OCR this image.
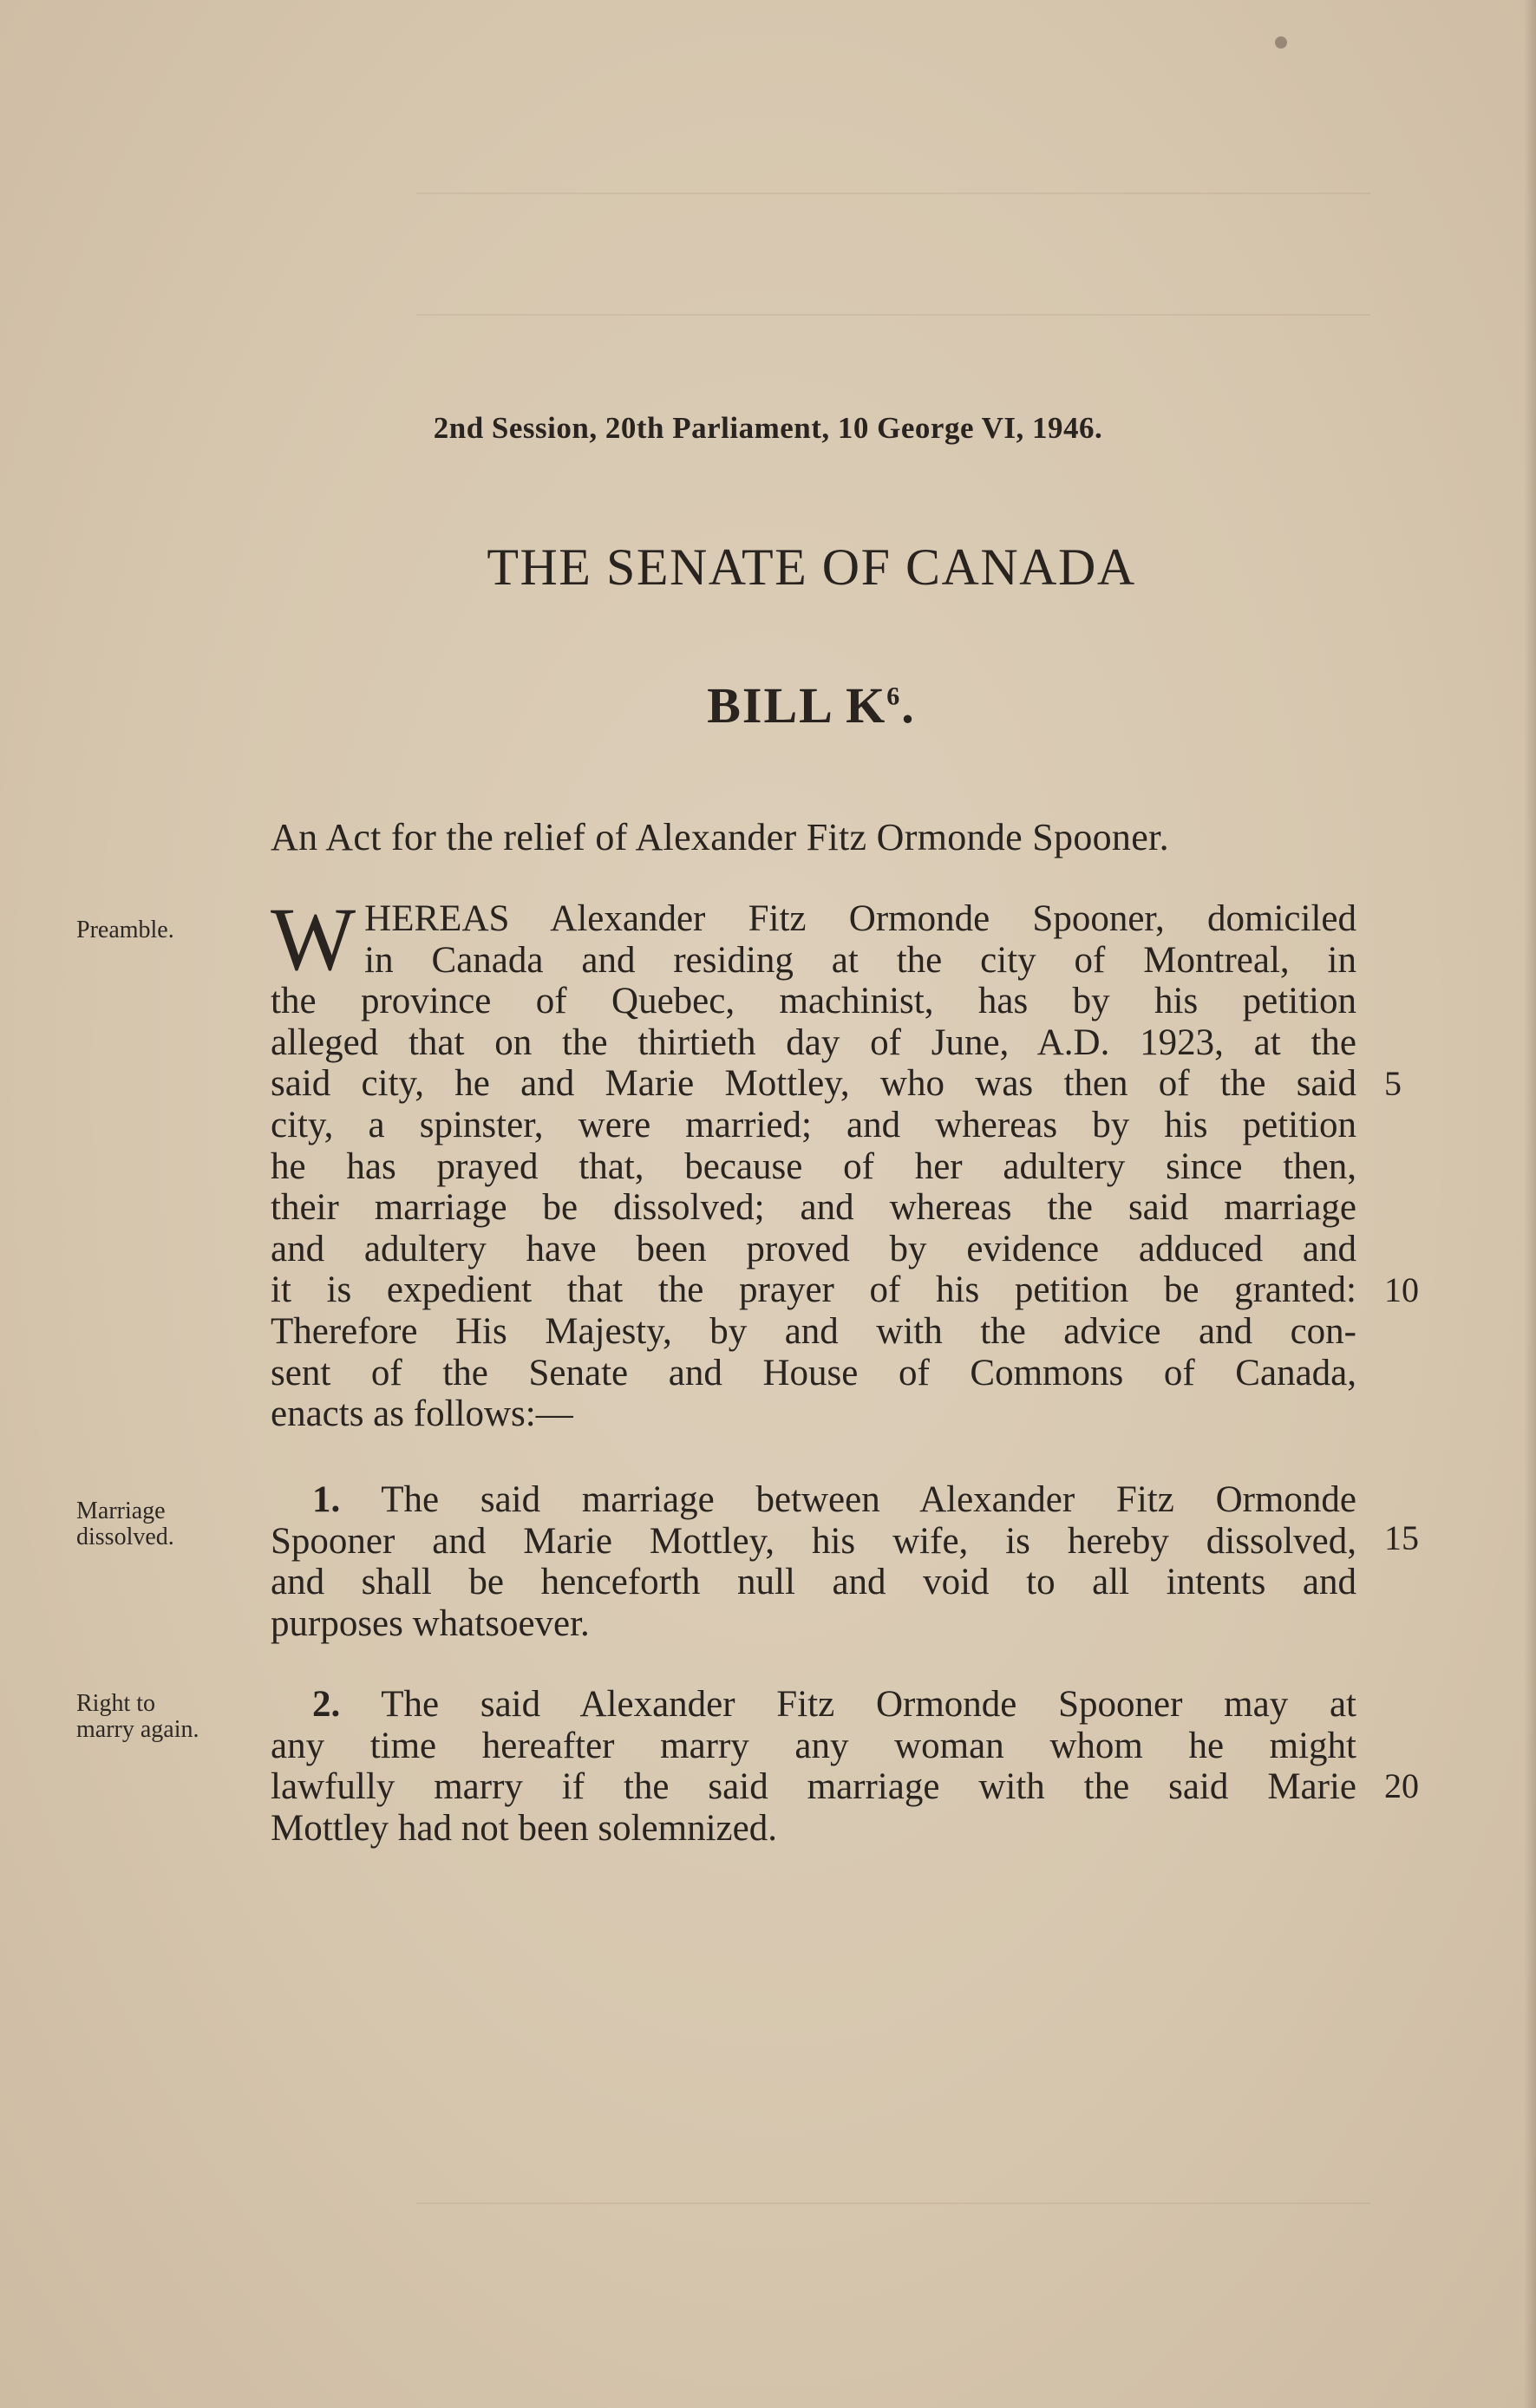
2nd Session, 20th Parliament, 10 George VI, 1946.
THE SENATE OF CANADA
BILL $K^6$.
An Act for the relief of Alexander Fitz Ormonde Spooner.
Preamble. W HEREAS Alexander Fitz Ormonde Spooner, domiciled
in Canada and residing at the city of Montreal, in
the province of Quebec, machinist, has by his petition
alleged that on the thirtieth day of June, A.D. 1923, at the
said city, he and Marie Mottley, who was then of the said
city, a spinster, were married; and whereas by his petition
he has prayed that, because of her adultery since then,
their marriage be dissolved; and whereas the said marriage
and adultery have been proved by evidence adduced and
it is expedient that the prayer of his petition be granted:
Therefore His Majesty, by and with the advice and con-
sent of the Senate and House of Commons of Canada,
enacts as follows:—
Marriage
dissolved.
1. The said marriage between Alexander Fitz Ormonde
Spooner and Marie Mottley, his wife, is hereby dissolved,
and shall be henceforth null and void to all intents and
purposes whatsoever.
Right to
marry again.
2. The said Alexander Fitz Ormonde Spooner may at
any time hereafter marry any woman whom he might
lawfully marry if the said marriage with the said Marie
Mottley had not been solemnized.
5
10
15
20
